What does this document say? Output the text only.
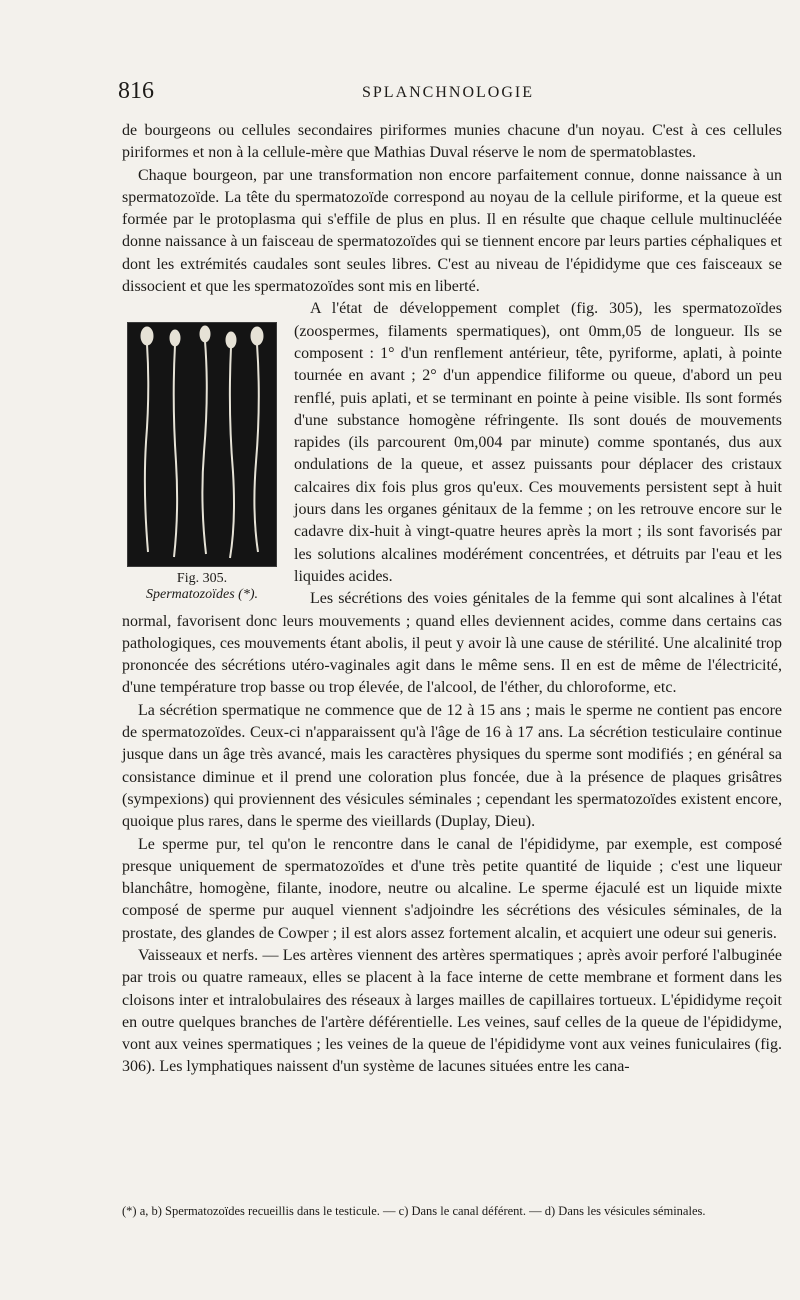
816	SPLANCHNOLOGIE

de bourgeons ou cellules secondaires piriformes munies chacune d'un noyau. C'est à ces cellules piriformes et non à la cellule-mère que Mathias Duval réserve le nom de spermatoblastes.

Chaque bourgeon, par une transformation non encore parfaitement connue, donne naissance à un spermatozoïde. La tête du spermatozoïde correspond au noyau de la cellule piriforme, et la queue est formée par le protoplasma qui s'effile de plus en plus. Il en résulte que chaque cellule multinucléée donne naissance à un faisceau de spermatozoïdes qui se tiennent encore par leurs parties céphaliques et dont les extrémités caudales sont seules libres. C'est au niveau de l'épididyme que ces faisceaux se dissocient et que les spermatozoïdes sont mis en liberté.

Fig. 305.
Spermatozoïdes (*).

A l'état de développement complet (fig. 305), les spermatozoïdes (zoospermes, filaments spermatiques), ont 0mm,05 de longueur. Ils se composent : 1° d'un renflement antérieur, tête, pyriforme, aplati, à pointe tournée en avant ; 2° d'un appendice filiforme ou queue, d'abord un peu renflé, puis aplati, et se terminant en pointe à peine visible. Ils sont formés d'une substance homogène réfringente. Ils sont doués de mouvements rapides (ils parcourent 0m,004 par minute) comme spontanés, dus aux ondulations de la queue, et assez puissants pour déplacer des cristaux calcaires dix fois plus gros qu'eux. Ces mouvements persistent sept à huit jours dans les organes génitaux de la femme ; on les retrouve encore sur le cadavre dix-huit à vingt-quatre heures après la mort ; ils sont favorisés par les solutions alcalines modérément concentrées, et détruits par l'eau et les liquides acides.

Les sécrétions des voies génitales de la femme qui sont alcalines à l'état normal, favorisent donc leurs mouvements ; quand elles deviennent acides, comme dans certains cas pathologiques, ces mouvements étant abolis, il peut y avoir là une cause de stérilité. Une alcalinité trop prononcée des sécrétions utéro-vaginales agit dans le même sens. Il en est de même de l'électricité, d'une température trop basse ou trop élevée, de l'alcool, de l'éther, du chloroforme, etc.

La sécrétion spermatique ne commence que de 12 à 15 ans ; mais le sperme ne contient pas encore de spermatozoïdes. Ceux-ci n'apparaissent qu'à l'âge de 16 à 17 ans. La sécrétion testiculaire continue jusque dans un âge très avancé, mais les caractères physiques du sperme sont modifiés ; en général sa consistance diminue et il prend une coloration plus foncée, due à la présence de plaques grisâtres (sympexions) qui proviennent des vésicules séminales ; cependant les spermatozoïdes existent encore, quoique plus rares, dans le sperme des vieillards (Duplay, Dieu).

Le sperme pur, tel qu'on le rencontre dans le canal de l'épididyme, par exemple, est composé presque uniquement de spermatozoïdes et d'une très petite quantité de liquide ; c'est une liqueur blanchâtre, homogène, filante, inodore, neutre ou alcaline. Le sperme éjaculé est un liquide mixte composé de sperme pur auquel viennent s'adjoindre les sécrétions des vésicules séminales, de la prostate, des glandes de Cowper ; il est alors assez fortement alcalin, et acquiert une odeur sui generis.

Vaisseaux et nerfs. — Les artères viennent des artères spermatiques ; après avoir perforé l'albuginée par trois ou quatre rameaux, elles se placent à la face interne de cette membrane et forment dans les cloisons inter et intralobulaires des réseaux à larges mailles de capillaires tortueux. L'épididyme reçoit en outre quelques branches de l'artère déférentielle. Les veines, sauf celles de la queue de l'épididyme, vont aux veines spermatiques ; les veines de la queue de l'épididyme vont aux veines funiculaires (fig. 306). Les lymphatiques naissent d'un système de lacunes situées entre les cana-

(*) a, b) Spermatozoïdes recueillis dans le testicule. — c) Dans le canal déférent. — d) Dans les vésicules séminales.
